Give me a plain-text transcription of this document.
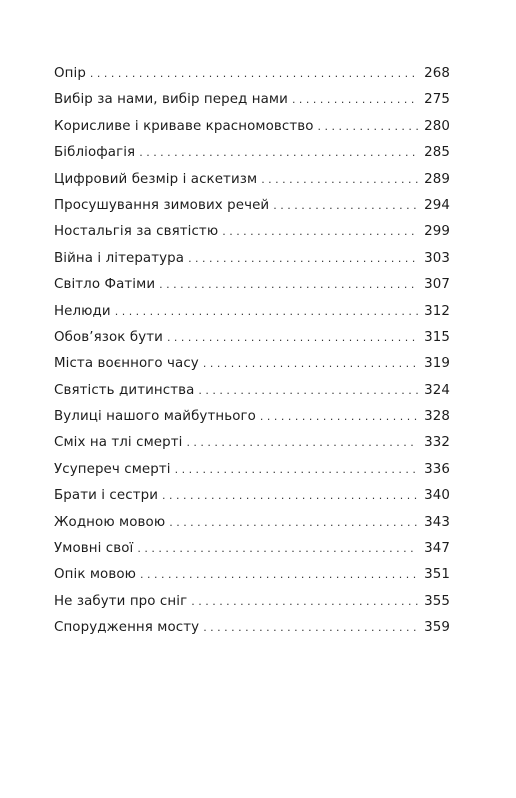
Опір . . .	268
Вибір за нами, вибір перед нами . . .	275
Корисливе і криваве красномовство . . .	280
Бібліофагія . . .	285
Цифровий безмір і аскетизм . . .	289
Просушування зимових речей . . .	294
Ностальгія за святістю . . .	299
Війна і література . . .	303
Світло Фатіми . . .	307
Нелюди . . .	312
Обов’язок бути . . .	315
Міста воєнного часу . . .	319
Святість дитинства . . .	324
Вулиці нашого майбутнього . . .	328
Сміх на тлі смерті . . .	332
Усупереч смерті . . .	336
Брати і сестри . . .	340
Жодною мовою . . .	343
Умовні свої . . .	347
Опік мовою . . .	351
Не забути про сніг . . .	355
Спорудження мосту . . .	359
